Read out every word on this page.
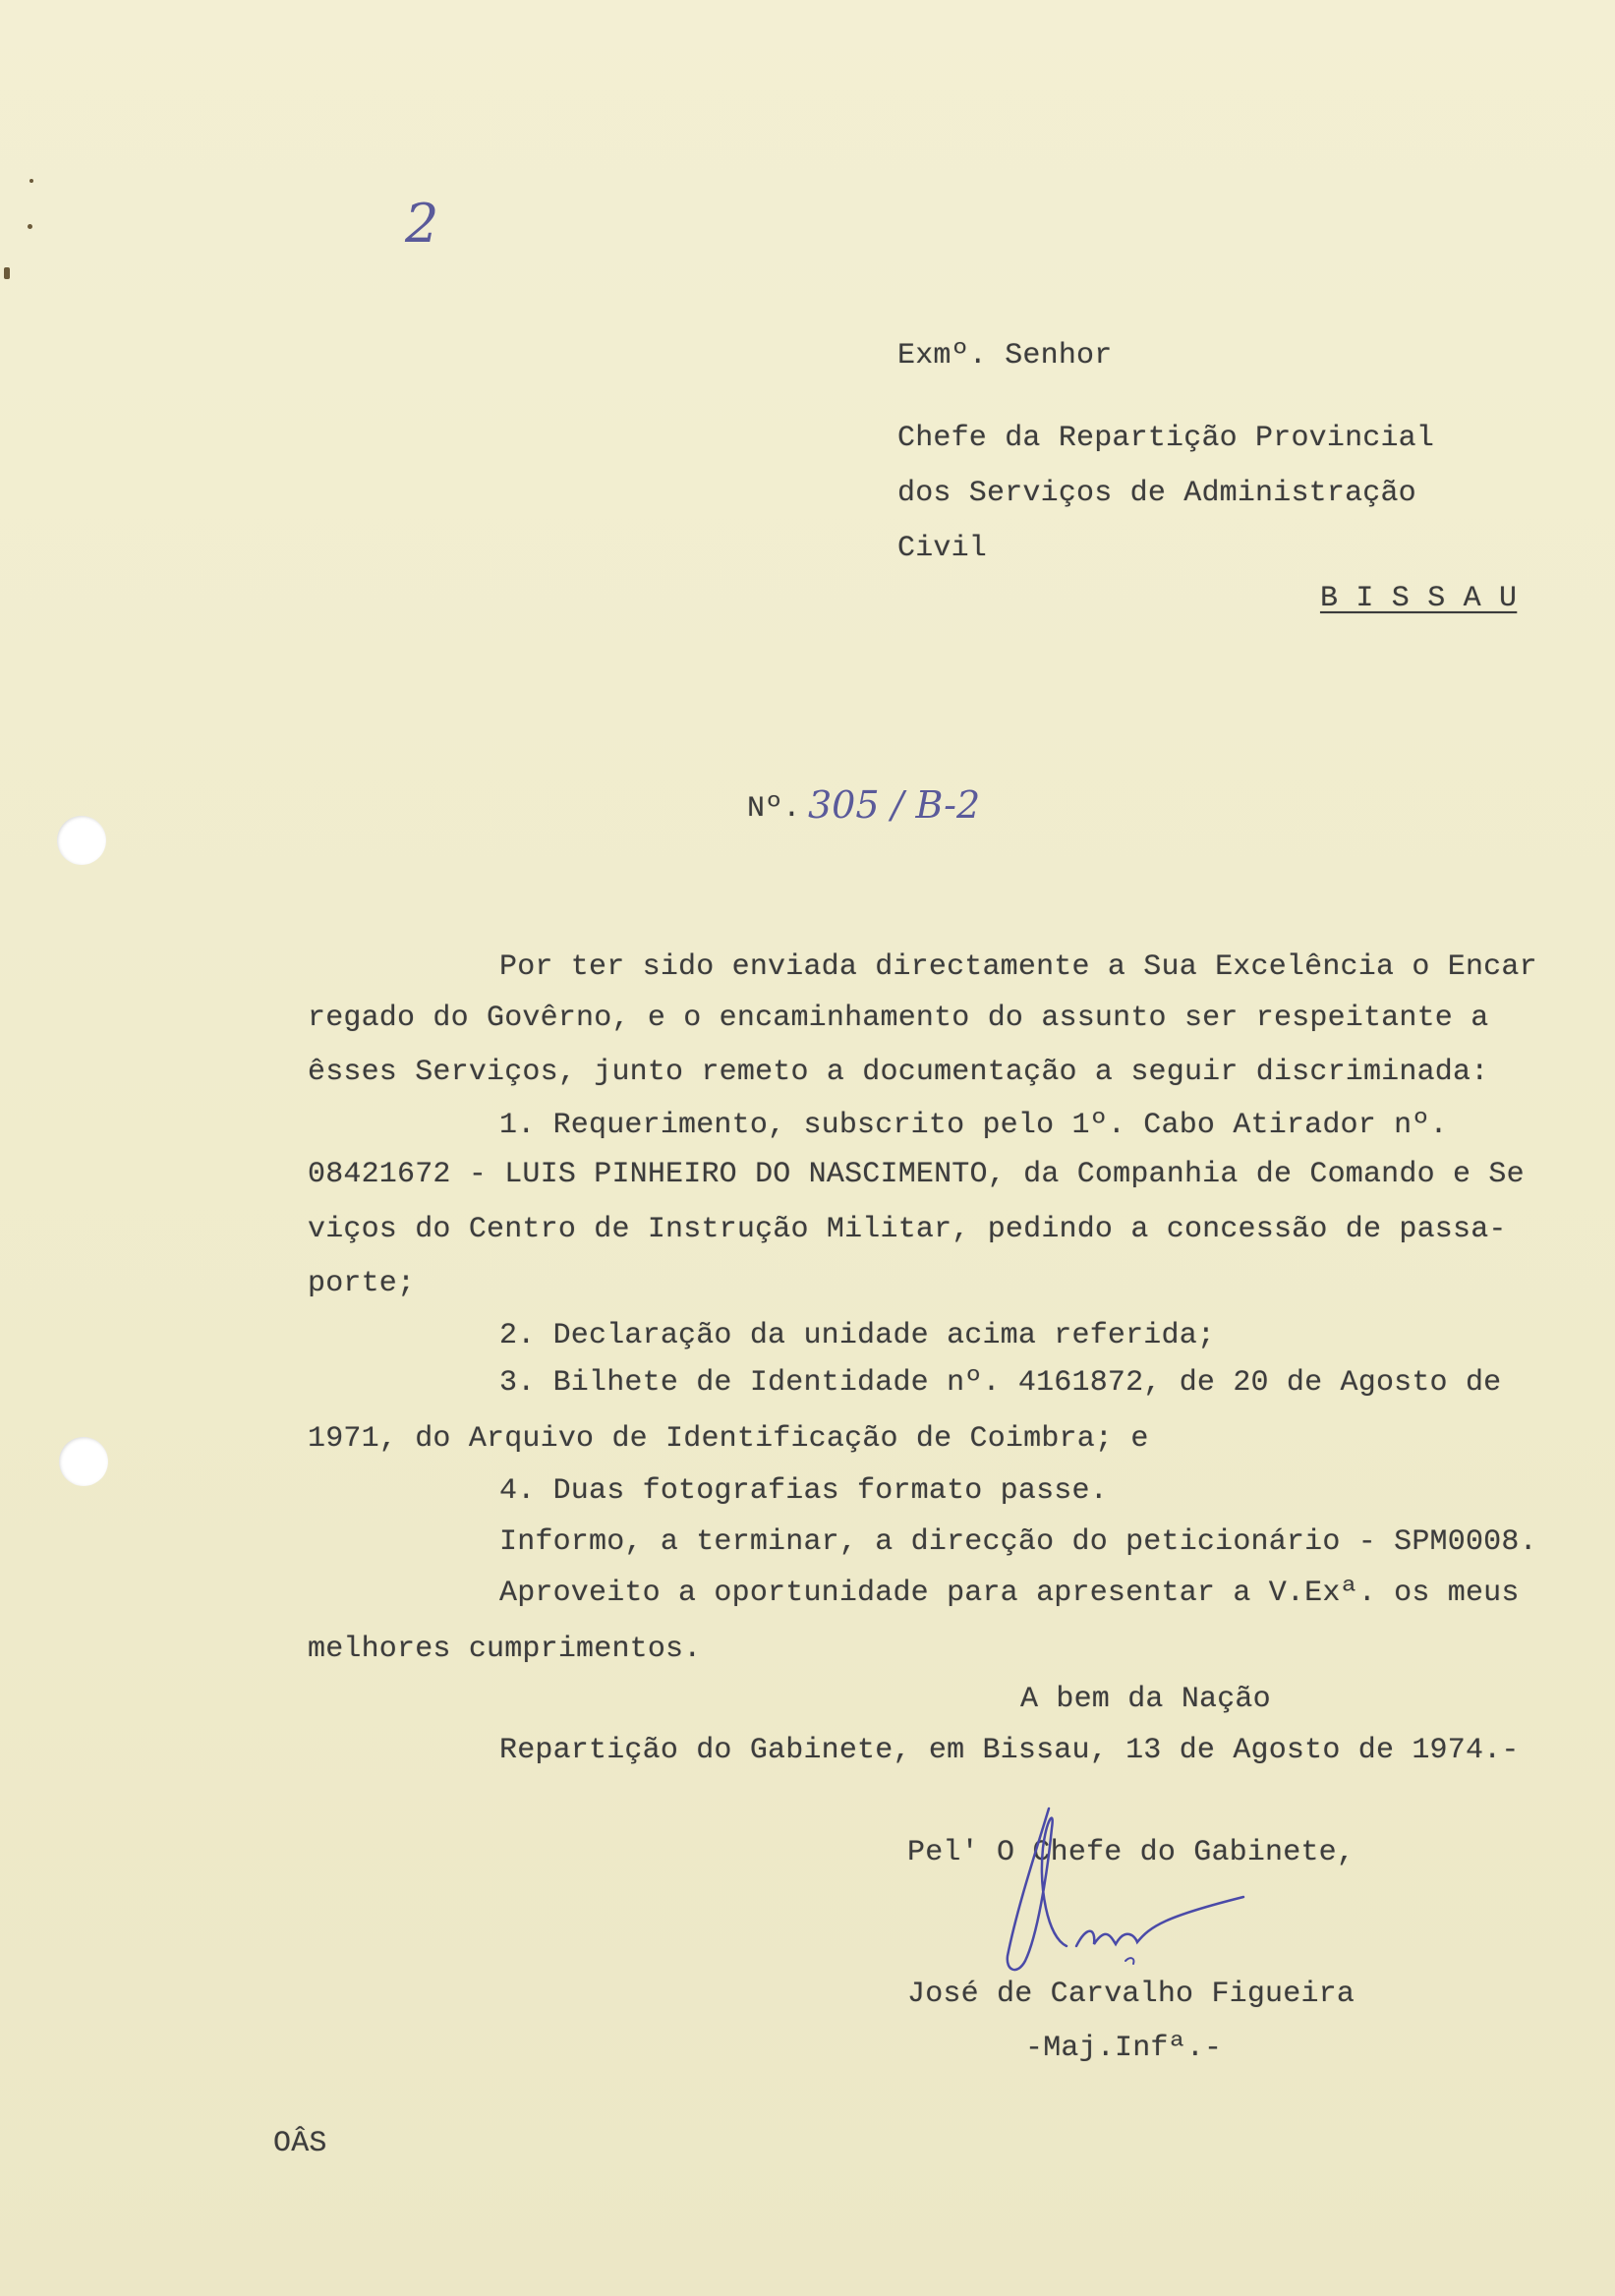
2
Exmº. Senhor
Chefe da Repartição Provincial
dos Serviços de Administração
Civil
B I S S A U
Nº. 305 / B-2
Por ter sido enviada directamente a Sua Excelência o Encar
regado do Govêrno, e o encaminhamento do assunto ser respeitante a
êsses Serviços, junto remeto a documentação a seguir discriminada:
1. Requerimento, subscrito pelo 1º. Cabo Atirador nº.
08421672 - LUIS PINHEIRO DO NASCIMENTO, da Companhia de Comando e Se
viços do Centro de Instrução Militar, pedindo a concessão de passa-
porte;
2. Declaração da unidade acima referida;
3. Bilhete de Identidade nº. 4161872, de 20 de Agosto de
1971, do Arquivo de Identificação de Coimbra; e
4. Duas fotografias formato passe.
Informo, a terminar, a direcção do peticionário - SPM0008.
Aproveito a oportunidade para apresentar a V.Exª. os meus
melhores cumprimentos.
A bem da Nação
Repartição do Gabinete, em Bissau, 13 de Agosto de 1974.-
Pel' O Chefe do Gabinete,
José de Carvalho Figueira
-Maj.Infª.-
OÂS
